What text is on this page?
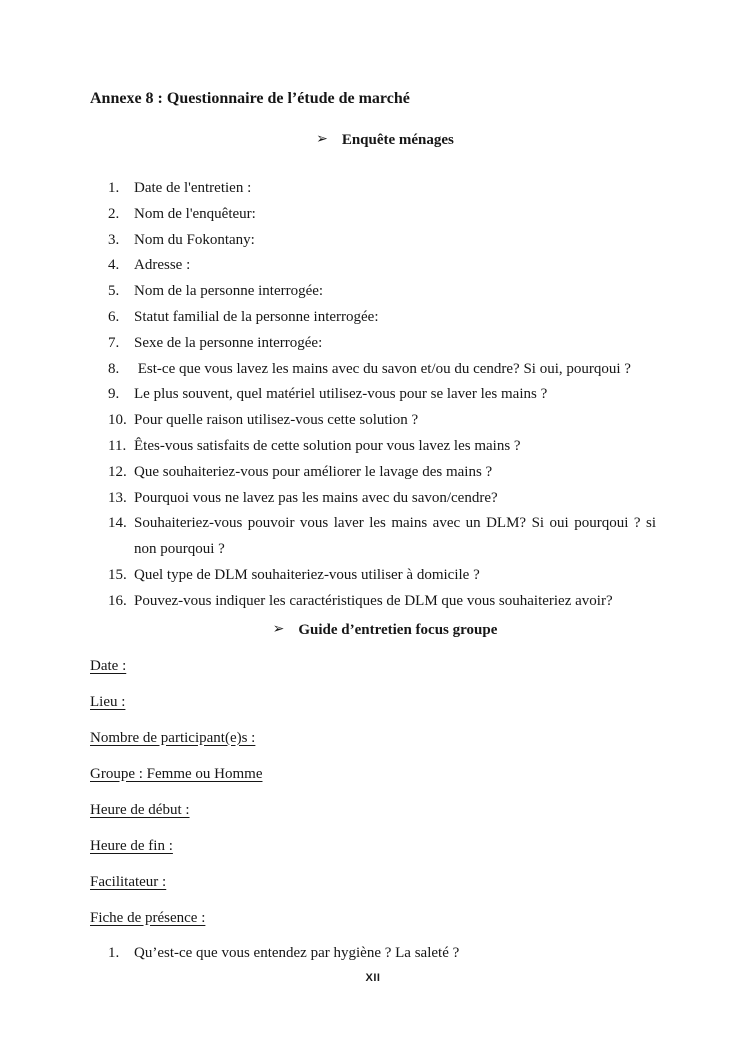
Annexe 8 : Questionnaire de l’étude de marché
➢ Enquête ménages
1. Date de l'entretien :
2. Nom de l'enquêteur:
3. Nom du Fokontany:
4. Adresse :
5. Nom de la personne interrogée:
6. Statut familial de la personne interrogée:
7. Sexe de la personne interrogée:
8. Est-ce que vous lavez les mains avec du savon et/ou du cendre? Si oui, pourqoui ?
9. Le plus souvent, quel matériel utilisez-vous pour se laver les mains ?
10. Pour quelle raison utilisez-vous cette solution ?
11. Êtes-vous satisfaits de cette solution pour vous lavez les mains ?
12. Que souhaiteriez-vous pour améliorer le lavage des mains ?
13. Pourquoi vous ne lavez pas les mains avec du savon/cendre?
14. Souhaiteriez-vous pouvoir vous laver les mains avec un DLM? Si oui pourqoui ? si non pourqoui ?
15. Quel type de DLM souhaiteriez-vous utiliser à domicile ?
16. Pouvez-vous indiquer les caractéristiques de DLM que vous souhaiteriez avoir?
➢ Guide d’entretien focus groupe
Date :
Lieu :
Nombre de participant(e)s :
Groupe : Femme ou Homme
Heure de début :
Heure de fin :
Facilitateur :
Fiche de présence :
1. Qu’est-ce que vous entendez par hygiène ? La saleté ?
XII
